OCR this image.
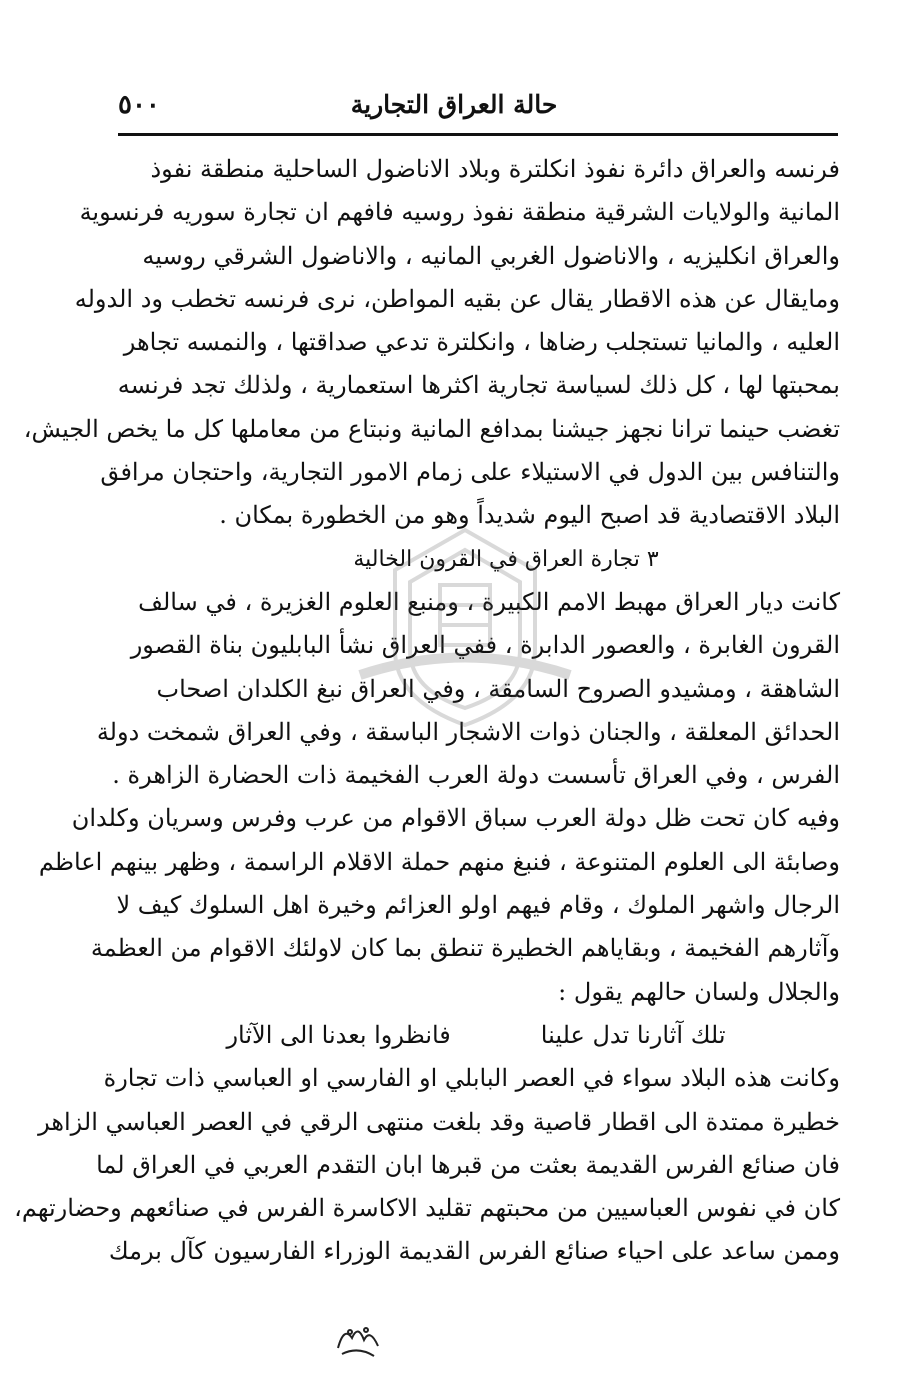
٥٠٠	حالة العراق التجارية
فرنسه والعراق دائرة نفوذ انكلترة وبلاد الاناضول الساحلية منطقة نفوذ
المانية والولايات الشرقية منطقة نفوذ روسيه فافهم ان تجارة سوريه فرنسوية
والعراق انكليزيه ، والاناضول الغربي المانيه ، والاناضول الشرقي روسيه
ومايقال عن هذه الاقطار يقال عن بقيه المواطن، نرى فرنسه تخطب ود الدوله
العليه ، والمانيا تستجلب رضاها ، وانكلترة تدعي صداقتها ، والنمسه تجاهر
بمحبتها لها ، كل ذلك لسياسة تجارية اكثرها استعمارية ، ولذلك تجد فرنسه
تغضب حينما ترانا نجهز جيشنا بمدافع المانية ونبتاع من معاملها كل ما يخص الجيش،
والتنافس بين الدول في الاستيلاء على زمام الامور التجارية، واحتجان مرافق
البلاد الاقتصادية قد اصبح اليوم شديداً وهو من الخطورة بمكان .
٣ تجارة العراق في القرون الخالية
كانت ديار العراق مهبط الامم الكبيرة ، ومنبع العلوم الغزيرة ، في سالف
القرون الغابرة ، والعصور الدابرة ، ففي العراق نشأ البابليون بناة القصور
الشاهقة ، ومشيدو الصروح السامقة ، وفي العراق نبغ الكلدان اصحاب
الحدائق المعلقة ، والجنان ذوات الاشجار الباسقة ، وفي العراق شمخت دولة
الفرس ، وفي العراق تأسست دولة العرب الفخيمة ذات الحضارة الزاهرة .
وفيه كان تحت ظل دولة العرب سباق الاقوام من عرب وفرس وسريان وكلدان
وصابئة الى العلوم المتنوعة ، فنبغ منهم حملة الاقلام الراسمة ، وظهر بينهم اعاظم
الرجال واشهر الملوك ، وقام فيهم اولو العزائم وخيرة اهل السلوك كيف لا
وآثارهم الفخيمة ، وبقاياهم الخطيرة تنطق بما كان لاولئك الاقوام من العظمة
والجلال ولسان حالهم يقول :
تلك آثارنا تدل علينا
فانظروا بعدنا الى الآثار
وكانت هذه البلاد سواء في العصر البابلي او الفارسي او العباسي ذات تجارة
خطيرة ممتدة الى اقطار قاصية وقد بلغت منتهى الرقي في العصر العباسي الزاهر
فان صنائع الفرس القديمة بعثت من قبرها ابان التقدم العربي في العراق لما
كان في نفوس العباسيين من محبتهم تقليد الاكاسرة الفرس في صنائعهم وحضارتهم،
وممن ساعد على احياء صنائع الفرس القديمة الوزراء الفارسيون كآل برمك
